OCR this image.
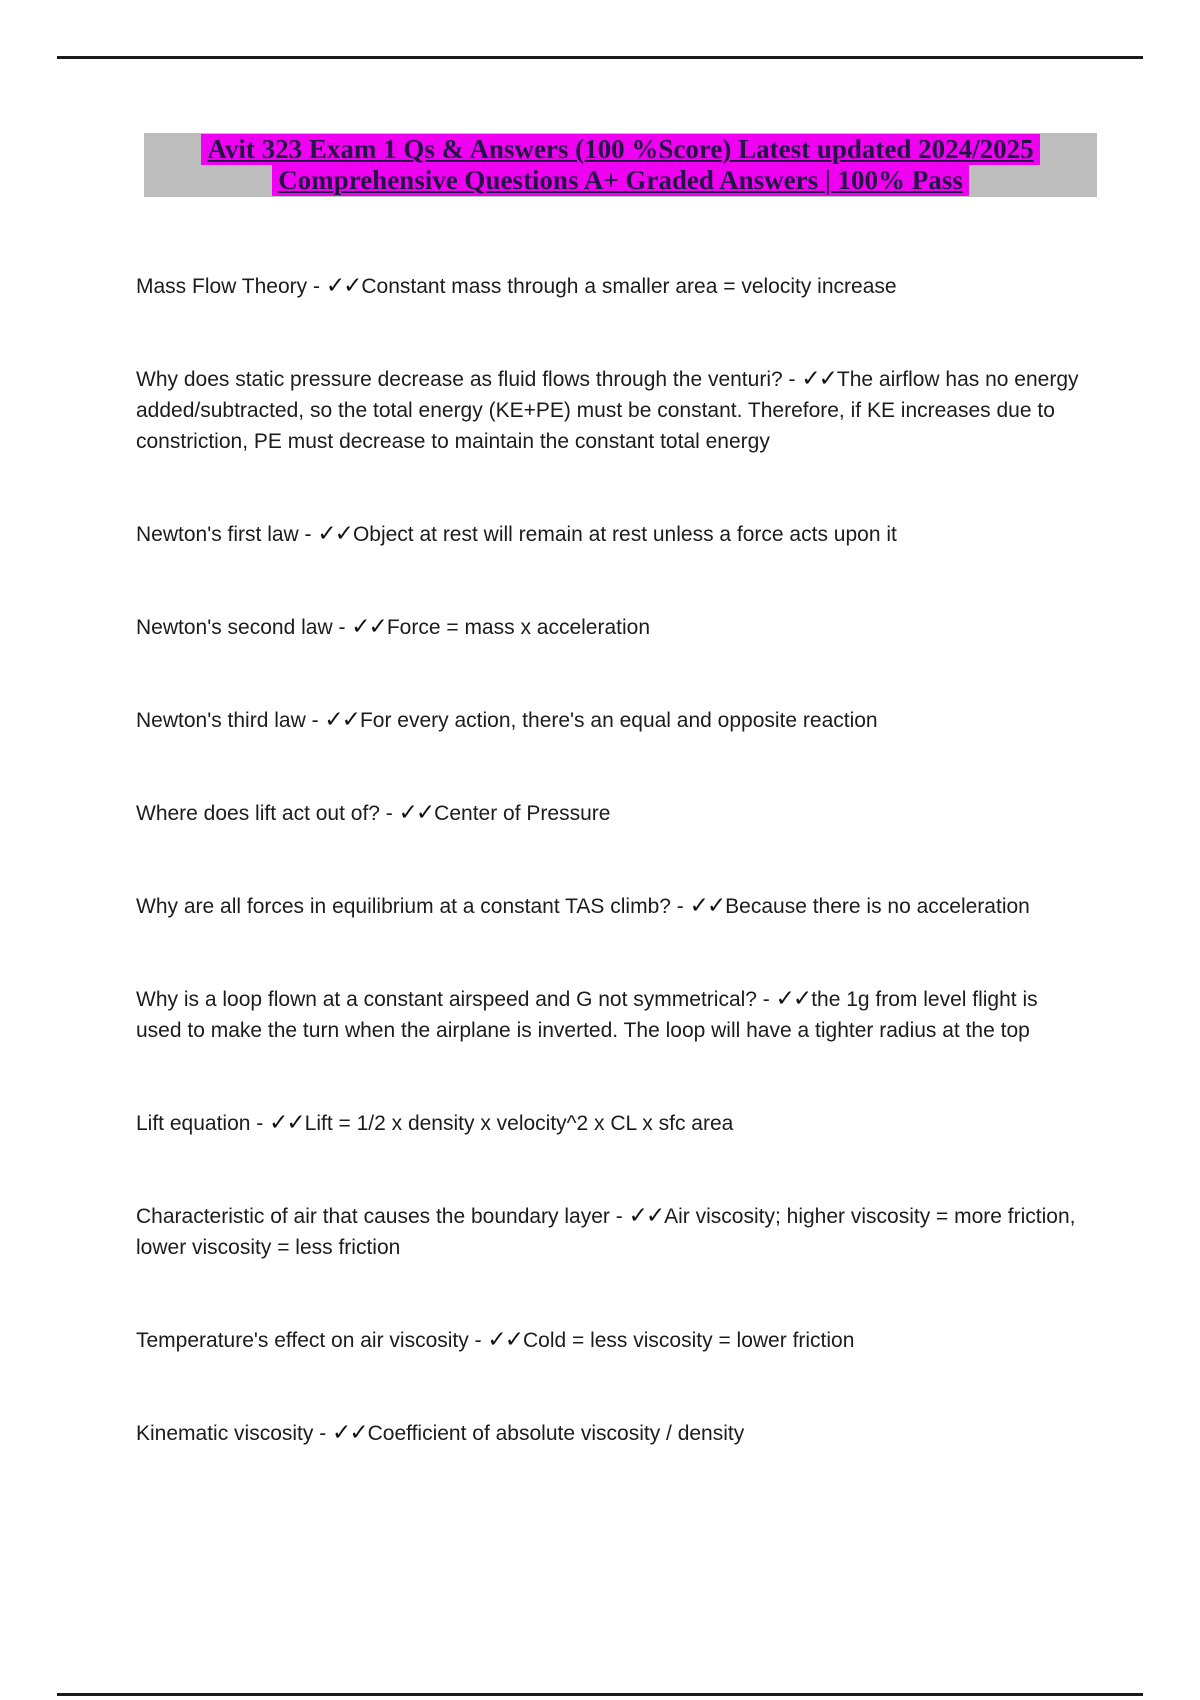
Avit 323 Exam 1 Qs & Answers (100 %Score) Latest updated 2024/2025
Comprehensive Questions A+ Graded Answers | 100% Pass

Mass Flow Theory - ✓✓Constant mass through a smaller area = velocity increase

Why does static pressure decrease as fluid flows through the venturi? - ✓✓The airflow has no energy added/subtracted, so the total energy (KE+PE) must be constant. Therefore, if KE increases due to constriction, PE must decrease to maintain the constant total energy

Newton's first law - ✓✓Object at rest will remain at rest unless a force acts upon it

Newton's second law - ✓✓Force = mass x acceleration

Newton's third law - ✓✓For every action, there's an equal and opposite reaction

Where does lift act out of? - ✓✓Center of Pressure

Why are all forces in equilibrium at a constant TAS climb? - ✓✓Because there is no acceleration

Why is a loop flown at a constant airspeed and G not symmetrical? - ✓✓the 1g from level flight is used to make the turn when the airplane is inverted. The loop will have a tighter radius at the top

Lift equation - ✓✓Lift = 1/2 x density x velocity^2 x CL x sfc area

Characteristic of air that causes the boundary layer - ✓✓Air viscosity; higher viscosity = more friction, lower viscosity = less friction

Temperature's effect on air viscosity - ✓✓Cold = less viscosity = lower friction

Kinematic viscosity - ✓✓Coefficient of absolute viscosity / density
